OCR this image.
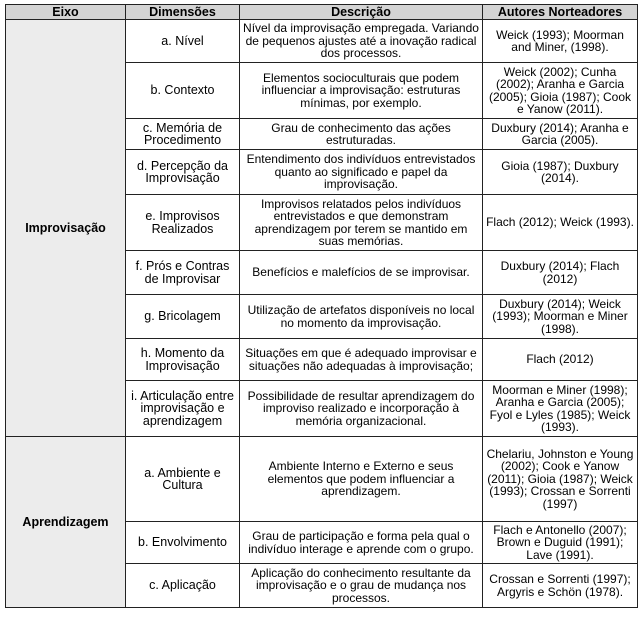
Eixo	Dimensões	Descrição	Autores Norteadores
Improvisação	a. Nível	Nível da improvisação empregada. Variando de pequenos ajustes até a inovação radical dos processos.	Weick (1993); Moorman and Miner, (1998).
	b. Contexto	Elementos socioculturais que podem influenciar a improvisação: estruturas mínimas, por exemplo.	Weick (2002); Cunha (2002); Aranha e Garcia (2005); Gioia (1987); Cook e Yanow (2011).
	c. Memória de Procedimento	Grau de conhecimento das ações estruturadas.	Duxbury (2014); Aranha e Garcia (2005).
	d. Percepção da Improvisação	Entendimento dos indivíduos entrevistados quanto ao significado e papel da improvisação.	Gioia (1987); Duxbury (2014).
	e. Improvisos Realizados	Improvisos relatados pelos indivíduos entrevistados e que demonstram aprendizagem por terem se mantido em suas memórias.	Flach (2012); Weick (1993).
	f. Prós e Contras de Improvisar	Benefícios e malefícios de se improvisar.	Duxbury (2014); Flach (2012)
	g. Bricolagem	Utilização de artefatos disponíveis no local no momento da improvisação.	Duxbury (2014); Weick (1993); Moorman e Miner (1998).
	h. Momento da Improvisação	Situações em que é adequado improvisar e situações não adequadas à improvisação;	Flach (2012)
	i. Articulação entre improvisação e aprendizagem	Possibilidade de resultar aprendizagem do improviso realizado e incorporação à memória organizacional.	Moorman e Miner (1998); Aranha e Garcia (2005); Fyol e Lyles (1985); Weick (1993).
Aprendizagem	a. Ambiente e Cultura	Ambiente Interno e Externo e seus elementos que podem influenciar a aprendizagem.	Chelariu, Johnston e Young (2002); Cook e Yanow (2011); Gioia (1987); Weick (1993); Crossan e Sorrenti (1997)
	b. Envolvimento	Grau de participação e forma pela qual o indivíduo interage e aprende com o grupo.	Flach e Antonello (2007); Brown e Duguid (1991); Lave (1991).
	c. Aplicação	Aplicação do conhecimento resultante da improvisação e o grau de mudança nos processos.	Crossan e Sorrenti (1997); Argyris e Schön (1978).
